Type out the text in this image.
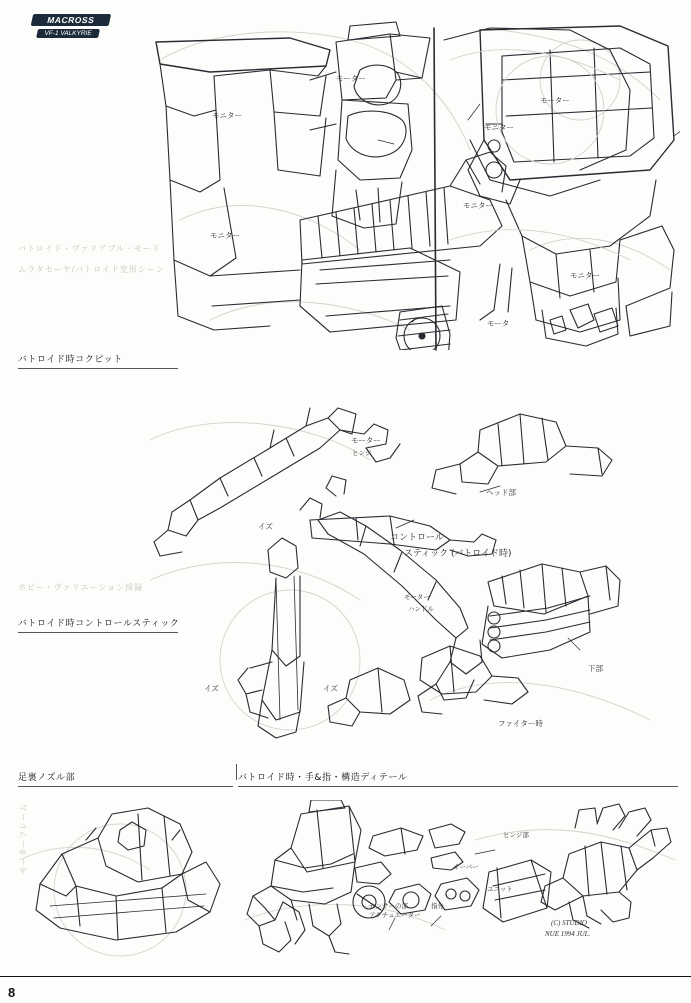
MACROSS
VF-1 VALKYRIE
バトロイド・ヴァリアブル・モード
ムラタセーヤ/バトロイド変形シーン
ホビー・ヴァリエーション採録
モーターフレーム
モーター
モニター
モーター
モニター
モニター
モニター
モニター
モータ
モーター
ヒンジ
ヘッド部
コントロール
スティック (バトロイド時)
イズ
モーター
ハンドル
イズ	イズ
ファイター時
下部
ヒンジ部
オーバー
ユニット
センサーの部
アクチュエーター
指先
(C) STUDIO
NUE 1994 JUL.
バトロイド時コクピット
バトロイド時コントロールスティック
足裏ノズル部	バトロイド時・手&指・構造ディテール
8
